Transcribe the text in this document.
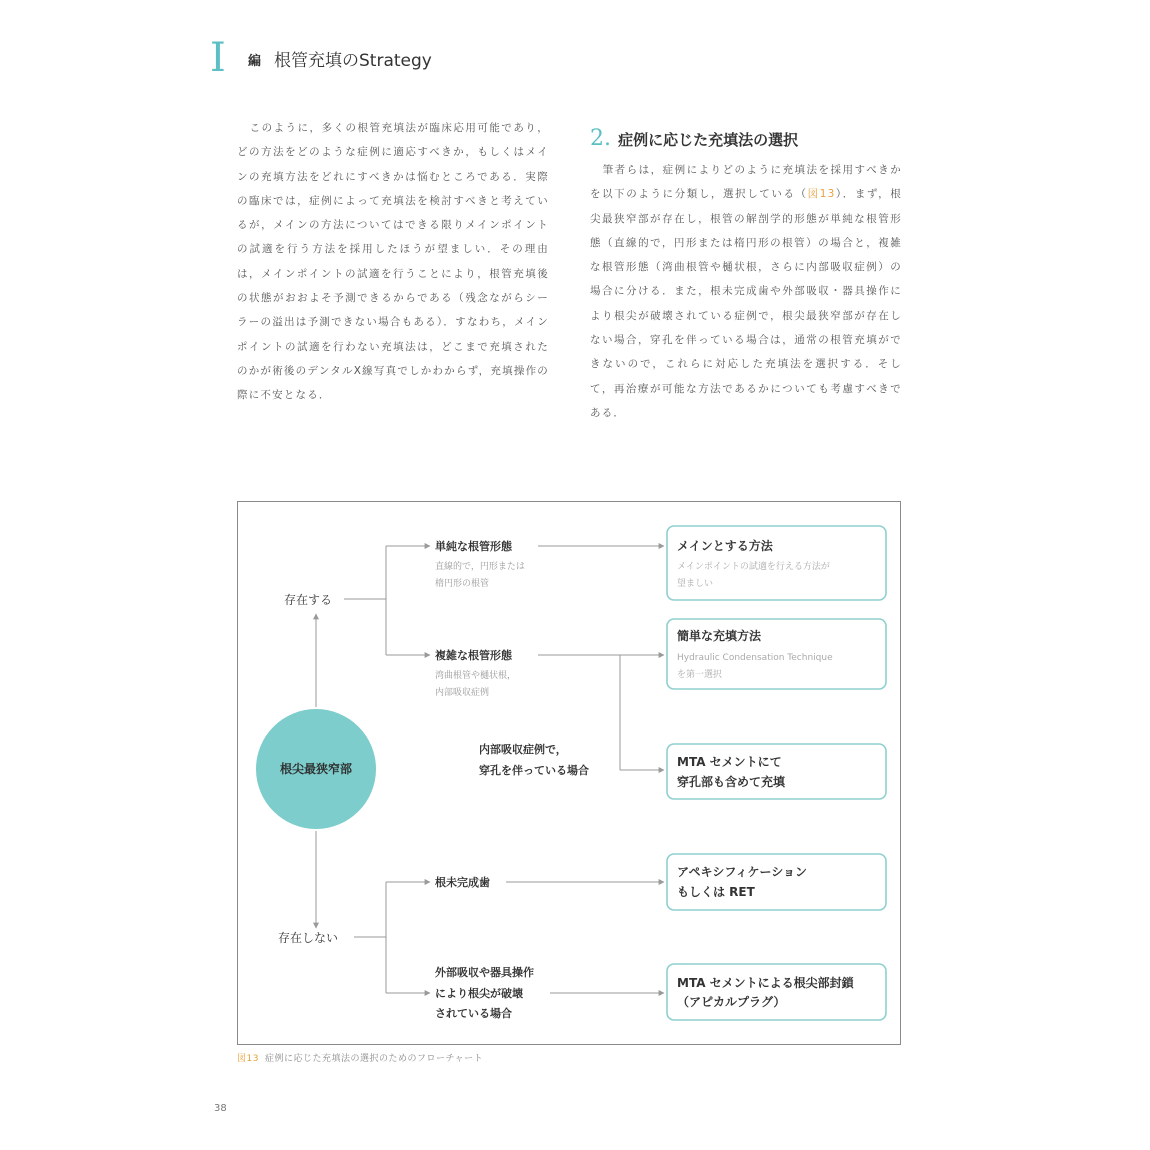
I 編 根管充填のStrategy
このように，多くの根管充填法が臨床応用可能であり，どの方法をどのような症例に適応すべきか，もしくはメインの充填方法をどれにすべきかは悩むところである．実際の臨床では，症例によって充填法を検討すべきと考えているが，メインの方法についてはできる限りメインポイントの試適を行う方法を採用したほうが望ましい．その理由は，メインポイントの試適を行うことにより，根管充填後の状態がおおよそ予測できるからである（残念ながらシーラーの溢出は予測できない場合もある）．すなわち，メインポイントの試適を行わない充填法は，どこまで充填されたのかが術後のデンタルX線写真でしかわからず，充填操作の際に不安となる．
2. 症例に応じた充填法の選択
筆者らは，症例によりどのように充填法を採用すべきかを以下のように分類し，選択している（図13）．まず，根尖最狭窄部が存在し，根管の解剖学的形態が単純な根管形態（直線的で，円形または楕円形の根管）の場合と，複雑な根管形態（湾曲根管や樋状根，さらに内部吸収症例）の場合に分ける．また，根未完成歯や外部吸収・器具操作により根尖が破壊されている症例で，根尖最狭窄部が存在しない場合，穿孔を伴っている場合は，通常の根管充填ができないので，これらに対応した充填法を選択する．そして，再治療が可能な方法であるかについても考慮すべきである．
根尖最狭窄部
存在する
存在しない
単純な根管形態
直線的で，円形または
楕円形の根管
複雑な根管形態
湾曲根管や樋状根，
内部吸収症例
内部吸収症例で，
穿孔を伴っている場合
根未完成歯
外部吸収や器具操作
により根尖が破壊
されている場合
メインとする方法
メインポイントの試適を行える方法が
望ましい
簡単な充填方法
Hydraulic Condensation Technique
を第一選択
MTA セメントにて
穿孔部も含めて充填
アペキシフィケーション
もしくは RET
MTA セメントによる根尖部封鎖
（アピカルプラグ）
図13 症例に応じた充填法の選択のためのフローチャート
38
